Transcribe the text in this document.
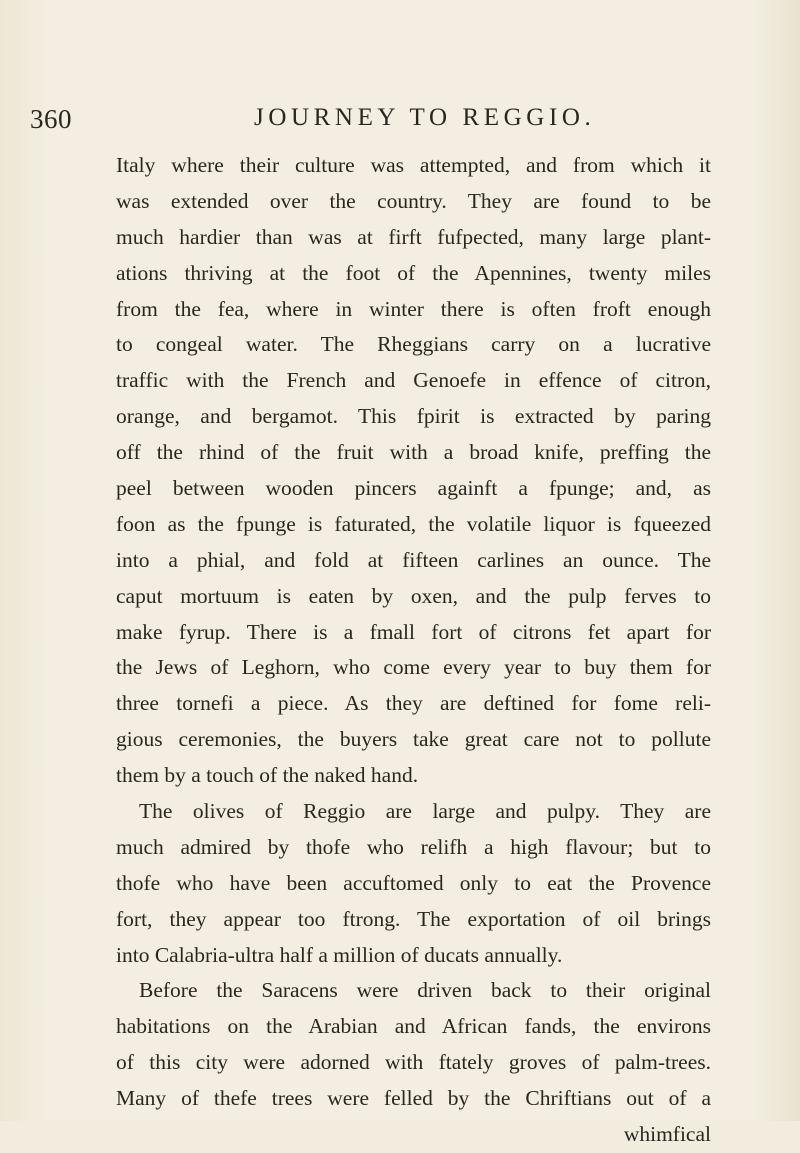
360	JOURNEY TO REGGIO.
Italy where their culture was attempted, and from which it
was extended over the country. They are found to be
much hardier than was at firft fufpected, many large plant-
ations thriving at the foot of the Apennines, twenty miles
from the fea, where in winter there is often froft enough
to congeal water. The Rheggians carry on a lucrative
traffic with the French and Genoefe in effence of citron,
orange, and bergamot. This fpirit is extracted by paring
off the rhind of the fruit with a broad knife, preffing the
peel between wooden pincers againft a fpunge; and, as
foon as the fpunge is faturated, the volatile liquor is fqueezed
into a phial, and fold at fifteen carlines an ounce. The
caput mortuum is eaten by oxen, and the pulp ferves to
make fyrup. There is a fmall fort of citrons fet apart for
the Jews of Leghorn, who come every year to buy them for
three tornefi a piece. As they are deftined for fome reli-
gious ceremonies, the buyers take great care not to pollute
them by a touch of the naked hand.
The olives of Reggio are large and pulpy. They are
much admired by thofe who relifh a high flavour; but to
thofe who have been accuftomed only to eat the Provence
fort, they appear too ftrong. The exportation of oil brings
into Calabria-ultra half a million of ducats annually.
Before the Saracens were driven back to their original
habitations on the Arabian and African fands, the environs
of this city were adorned with ftately groves of palm-trees.
Many of thefe trees were felled by the Chriftians out of a
whimfical
